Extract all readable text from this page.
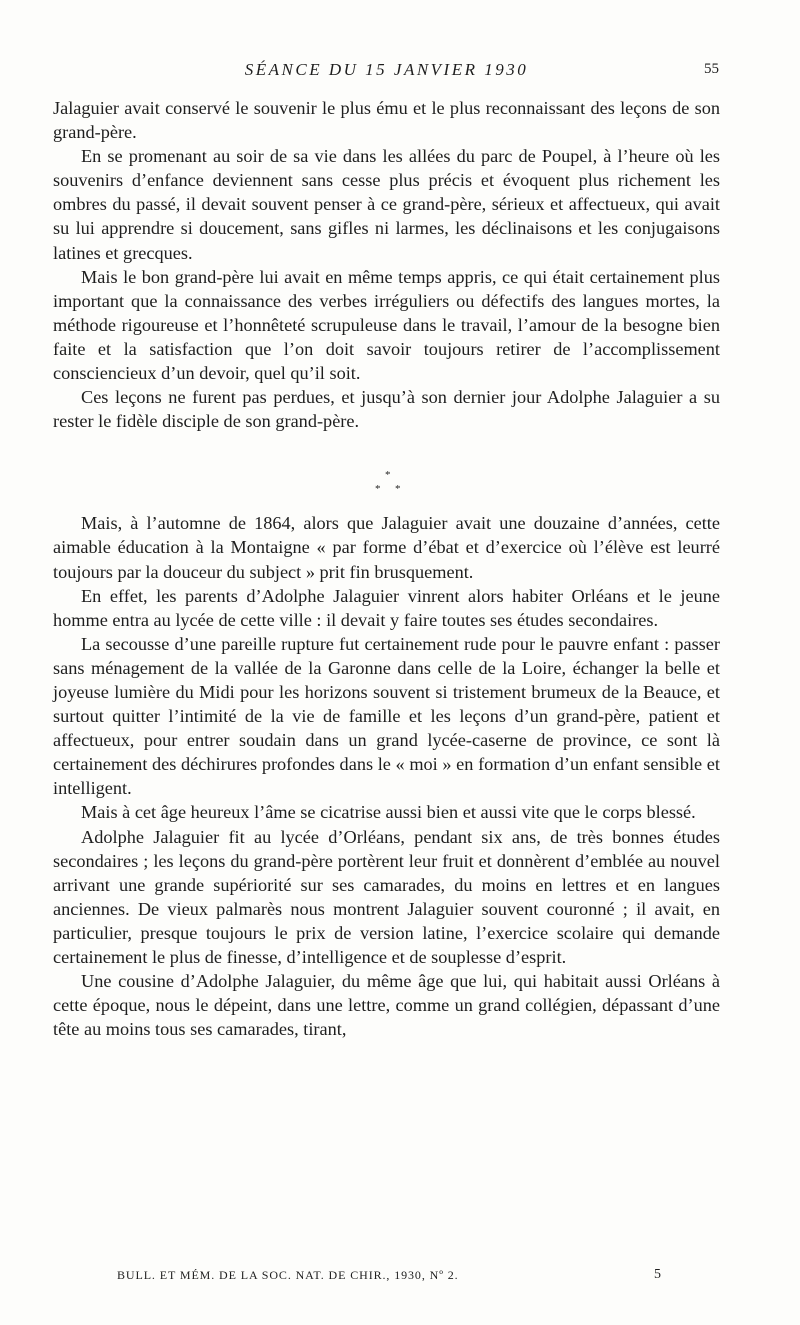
SÉANCE DU 15 JANVIER 1930	55

Jalaguier avait conservé le souvenir le plus ému et le plus reconnaissant des leçons de son grand-père.

En se promenant au soir de sa vie dans les allées du parc de Poupel, à l’heure où les souvenirs d’enfance deviennent sans cesse plus précis et évoquent plus richement les ombres du passé, il devait souvent penser à ce grand-père, sérieux et affectueux, qui avait su lui apprendre si doucement, sans gifles ni larmes, les déclinaisons et les conjugaisons latines et grecques.

Mais le bon grand-père lui avait en même temps appris, ce qui était certainement plus important que la connaissance des verbes irréguliers ou défectifs des langues mortes, la méthode rigoureuse et l’honnêteté scrupuleuse dans le travail, l’amour de la besogne bien faite et la satisfaction que l’on doit savoir toujours retirer de l’accomplissement consciencieux d’un devoir, quel qu’il soit.

Ces leçons ne furent pas perdues, et jusqu’à son dernier jour Adolphe Jalaguier a su rester le fidèle disciple de son grand-père.

*
* *

Mais, à l’automne de 1864, alors que Jalaguier avait une douzaine d’années, cette aimable éducation à la Montaigne « par forme d’ébat et d’exercice où l’élève est leurré toujours par la douceur du subject » prit fin brusquement.

En effet, les parents d’Adolphe Jalaguier vinrent alors habiter Orléans et le jeune homme entra au lycée de cette ville : il devait y faire toutes ses études secondaires.

La secousse d’une pareille rupture fut certainement rude pour le pauvre enfant : passer sans ménagement de la vallée de la Garonne dans celle de la Loire, échanger la belle et joyeuse lumière du Midi pour les horizons souvent si tristement brumeux de la Beauce, et surtout quitter l’intimité de la vie de famille et les leçons d’un grand-père, patient et affectueux, pour entrer soudain dans un grand lycée-caserne de province, ce sont là certainement des déchirures profondes dans le « moi » en formation d’un enfant sensible et intelligent.

Mais à cet âge heureux l’âme se cicatrise aussi bien et aussi vite que le corps blessé.

Adolphe Jalaguier fit au lycée d’Orléans, pendant six ans, de très bonnes études secondaires ; les leçons du grand-père portèrent leur fruit et donnèrent d’emblée au nouvel arrivant une grande supériorité sur ses camarades, du moins en lettres et en langues anciennes. De vieux palmarès nous montrent Jalaguier souvent couronné ; il avait, en particulier, presque toujours le prix de version latine, l’exercice scolaire qui demande certainement le plus de finesse, d’intelligence et de souplesse d’esprit.

Une cousine d’Adolphe Jalaguier, du même âge que lui, qui habitait aussi Orléans à cette époque, nous le dépeint, dans une lettre, comme un grand collégien, dépassant d’une tête au moins tous ses camarades, tirant,

BULL. ET MÉM. DE LA SOC. NAT. DE CHIR., 1930, Nº 2.	5
